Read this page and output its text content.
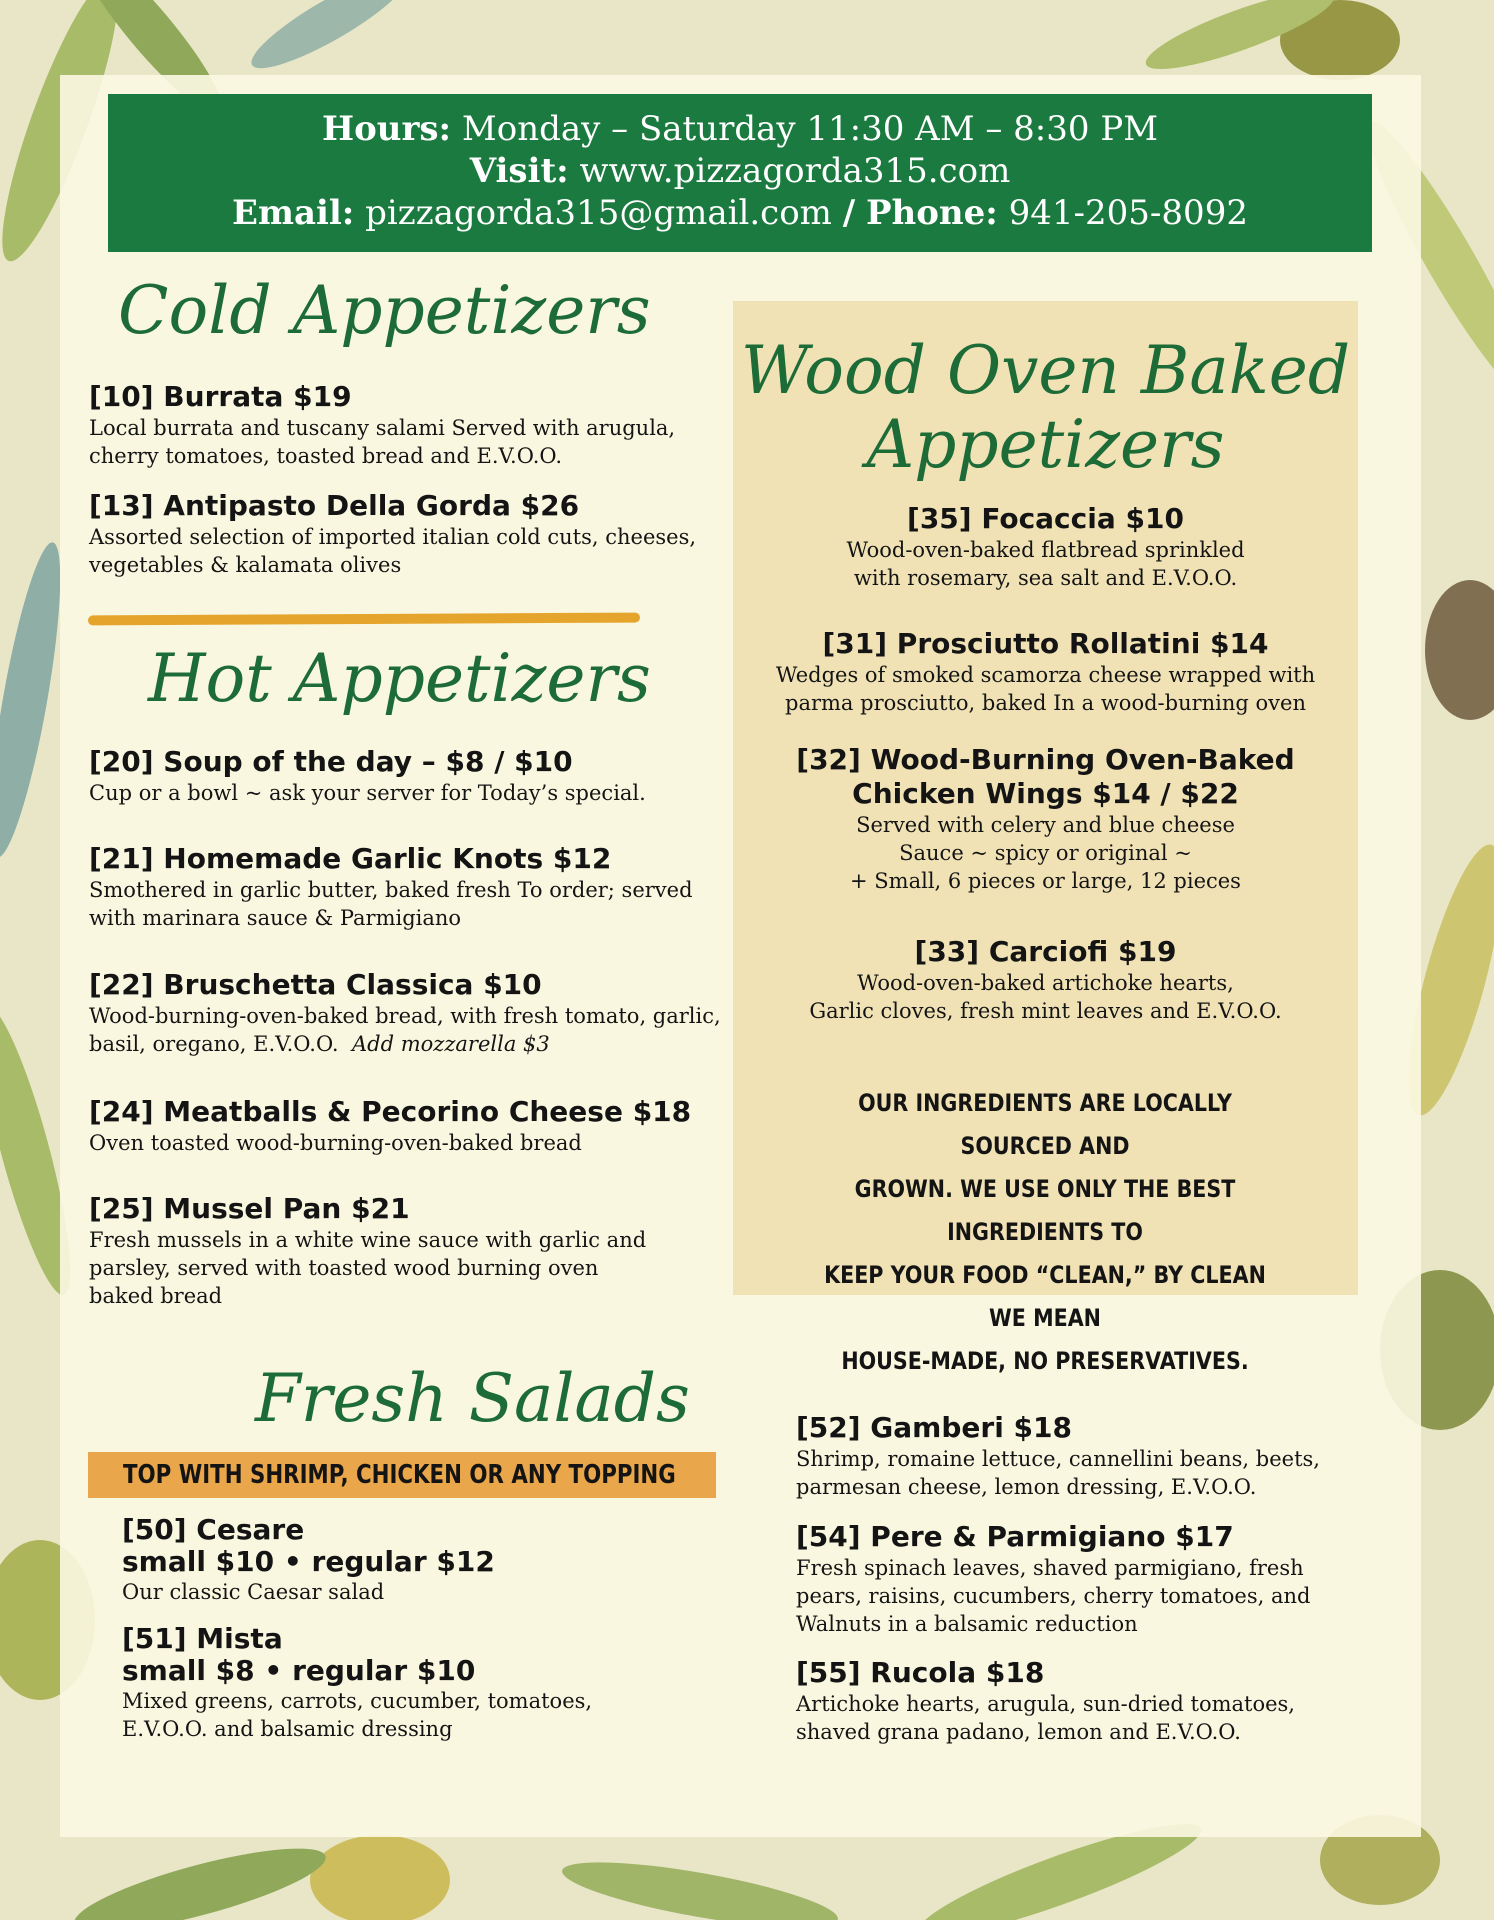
Hours: Monday – Saturday 11:30 AM – 8:30 PM
Visit: www.pizzagorda315.com
Email: pizzagorda315@gmail.com / Phone: 941-205-8092
Cold Appetizers
[10] Burrata $19
Local burrata and tuscany salami Served with arugula, cherry tomatoes, toasted bread and E.V.O.O.
[13] Antipasto Della Gorda $26
Assorted selection of imported italian cold cuts, cheeses, vegetables & kalamata olives
Hot Appetizers
[20] Soup of the day – $8 / $10
Cup or a bowl ~ ask your server for Today’s special.
[21] Homemade Garlic Knots $12
Smothered in garlic butter, baked fresh To order; served with marinara sauce & Parmigiano
[22] Bruschetta Classica $10
Wood-burning-oven-baked bread, with fresh tomato, garlic, basil, oregano, E.V.O.O. Add mozzarella $3
[24] Meatballs & Pecorino Cheese $18
Oven toasted wood-burning-oven-baked bread
[25] Mussel Pan $21
Fresh mussels in a white wine sauce with garlic and parsley, served with toasted wood burning oven baked bread
Wood Oven Baked
Appetizers
[35] Focaccia $10
Wood-oven-baked flatbread sprinkled
with rosemary, sea salt and E.V.O.O.
[31] Prosciutto Rollatini $14
Wedges of smoked scamorza cheese wrapped with
parma prosciutto, baked In a wood-burning oven
[32] Wood-Burning Oven-Baked
Chicken Wings $14 / $22
Served with celery and blue cheese
Sauce ~ spicy or original ~
+ Small, 6 pieces or large, 12 pieces
[33] Carciofi $19
Wood-oven-baked artichoke hearts,
Garlic cloves, fresh mint leaves and E.V.O.O.
OUR INGREDIENTS ARE LOCALLY SOURCED AND
GROWN. WE USE ONLY THE BEST INGREDIENTS TO
KEEP YOUR FOOD “CLEAN,” BY CLEAN WE MEAN
HOUSE-MADE, NO PRESERVATIVES.
Fresh Salads
TOP WITH SHRIMP, CHICKEN OR ANY TOPPING
[50] Cesare
small $10 • regular $12
Our classic Caesar salad
[51] Mista
small $8 • regular $10
Mixed greens, carrots, cucumber, tomatoes, E.V.O.O. and balsamic dressing
[52] Gamberi $18
Shrimp, romaine lettuce, cannellini beans, beets, parmesan cheese, lemon dressing, E.V.O.O.
[54] Pere & Parmigiano $17
Fresh spinach leaves, shaved parmigiano, fresh pears, raisins, cucumbers, cherry tomatoes, and Walnuts in a balsamic reduction
[55] Rucola $18
Artichoke hearts, arugula, sun-dried tomatoes, shaved grana padano, lemon and E.V.O.O.
